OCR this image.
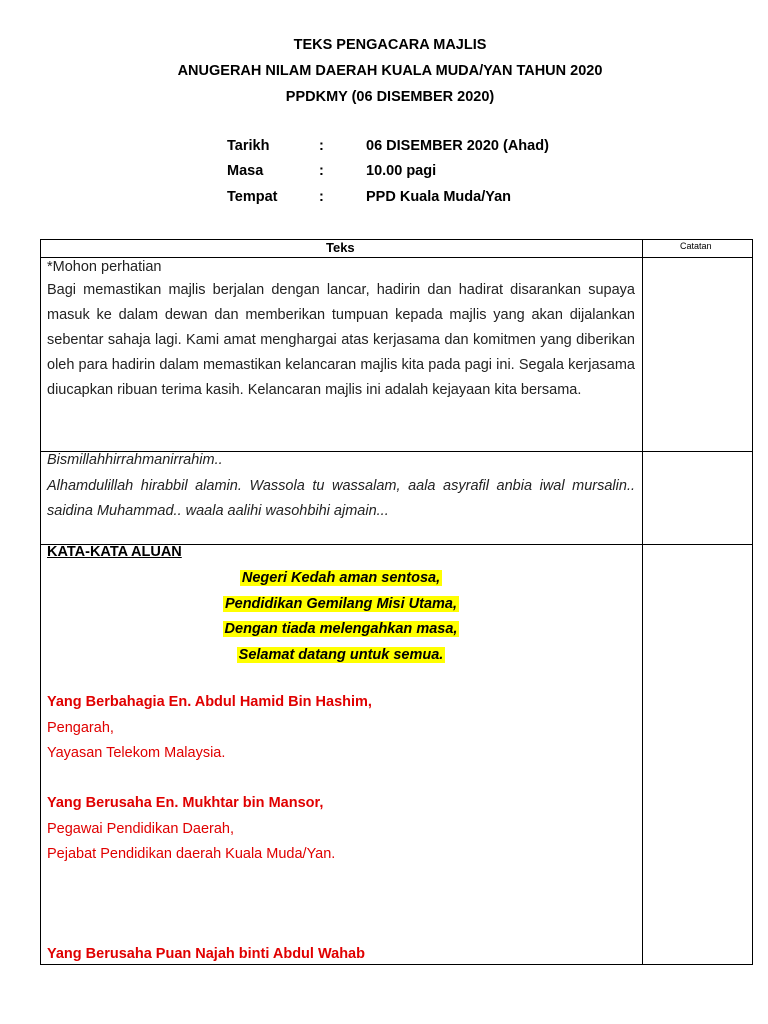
TEKS PENGACARA MAJLIS
ANUGERAH NILAM DAERAH KUALA MUDA/YAN TAHUN 2020
PPDKMY (06 DISEMBER 2020)
Tarikh	:	06 DISEMBER 2020 (Ahad)
Masa	:	10.00 pagi
Tempat	:	PPD Kuala Muda/Yan
Teks	Catatan
*Mohon perhatian
Bagi memastikan majlis berjalan dengan lancar, hadirin dan hadirat disarankan supaya masuk ke dalam dewan dan memberikan tumpuan kepada majlis yang akan dijalankan sebentar sahaja lagi. Kami amat menghargai atas kerjasama dan komitmen yang diberikan oleh para hadirin dalam memastikan kelancaran majlis kita pada pagi ini. Segala kerjasama diucapkan ribuan terima kasih. Kelancaran majlis ini adalah kejayaan kita bersama.
Bismillahhirrahmanirrahim..
Alhamdulillah hirabbil alamin. Wassola tu wassalam, aala asyrafil anbia iwal mursalin.. saidina Muhammad.. waala aalihi wasohbihi ajmain...
KATA-KATA ALUAN
Negeri Kedah aman sentosa,
Pendidikan Gemilang Misi Utama,
Dengan tiada melengahkan masa,
Selamat datang untuk semua.
Yang Berbahagia En. Abdul Hamid Bin Hashim,
Pengarah,
Yayasan Telekom Malaysia.
Yang Berusaha En. Mukhtar bin Mansor,
Pegawai Pendidikan Daerah,
Pejabat Pendidikan daerah Kuala Muda/Yan.
Yang Berusaha Puan Najah binti Abdul Wahab
